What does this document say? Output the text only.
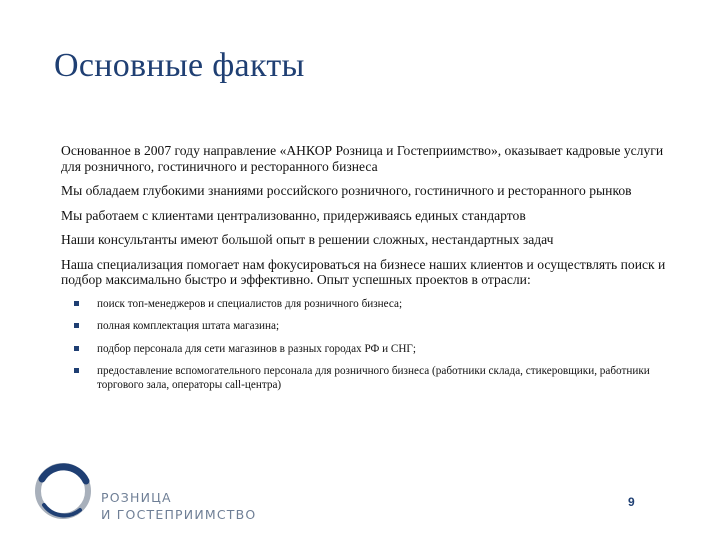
Основные факты

Основанное в 2007 году направление «АНКОР Розница и Гостеприимство», оказывает кадровые услуги для розничного, гостиничного и ресторанного бизнеса

Мы обладаем глубокими знаниями российского розничного, гостиничного и ресторанного рынков

Мы работаем с клиентами централизованно, придерживаясь единых стандартов

Наши консультанты имеют большой опыт в решении сложных, нестандартных задач

Наша специализация помогает нам фокусироваться на бизнесе наших клиентов и осуществлять поиск и подбор максимально быстро и эффективно. Опыт успешных проектов в отрасли:

поиск топ-менеджеров и специалистов для розничного бизнеса;
полная комплектация штата магазина;
подбор персонала для сети магазинов в разных городах РФ и СНГ;
предоставление вспомогательного персонала для розничного бизнеса (работники склада, стикеровщики, работники торгового зала, операторы call-центра)
РОЗНИЦА
И ГОСТЕПРИИМСТВО
9
